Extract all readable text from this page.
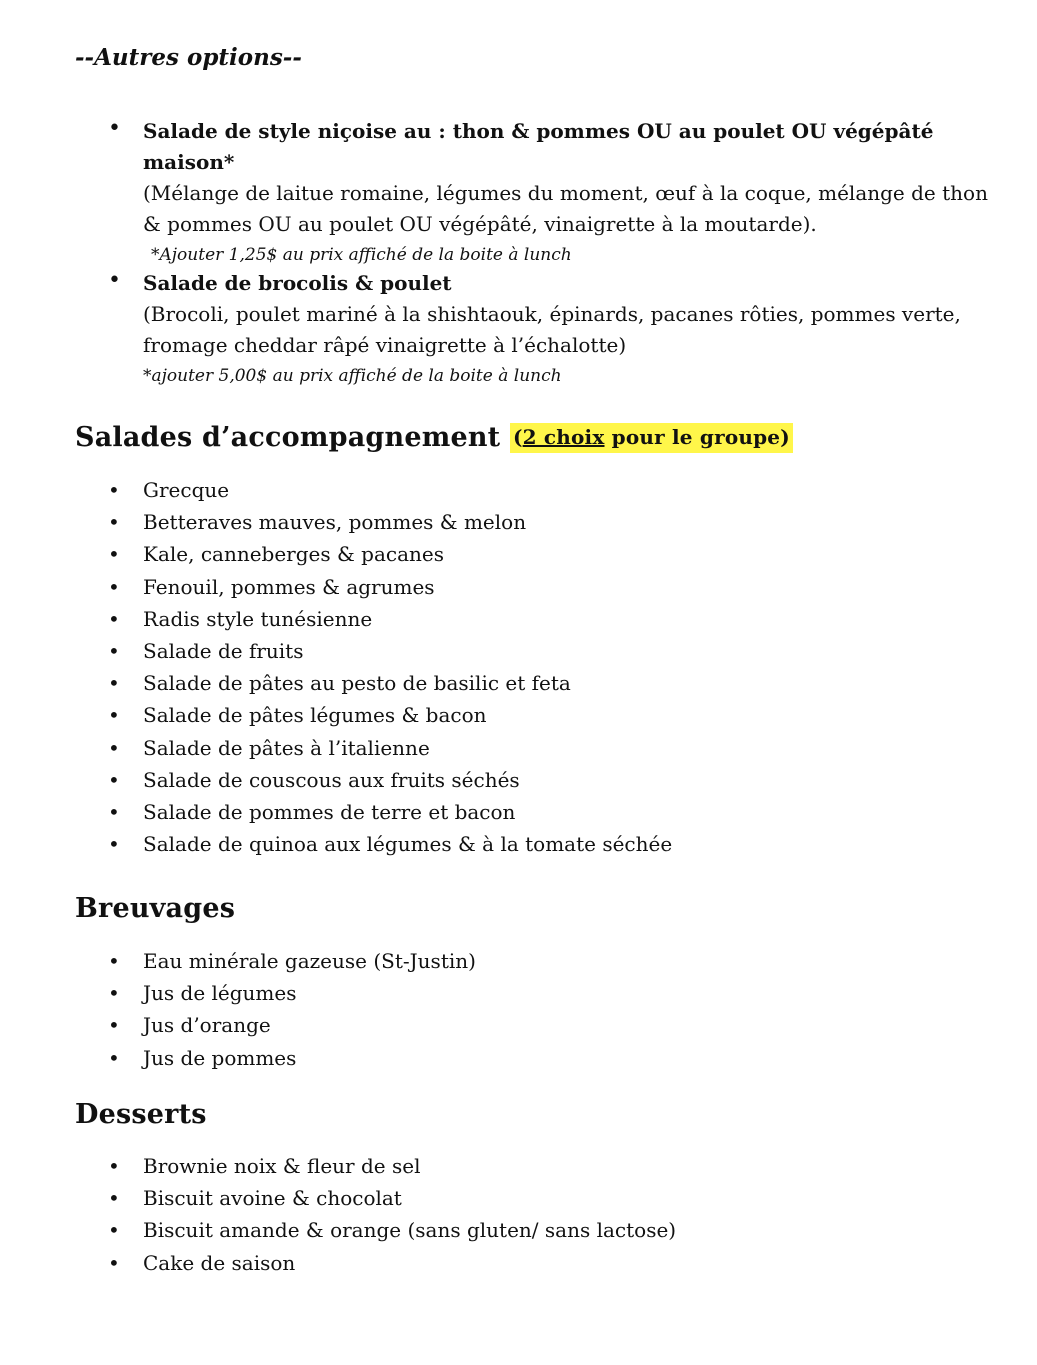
--Autres options--

• Salade de style niçoise au : thon & pommes OU au poulet OU végépâté maison*
(Mélange de laitue romaine, légumes du moment, œuf à la coque, mélange de thon & pommes OU au poulet OU végépâté, vinaigrette à la moutarde).
*Ajouter 1,25$ au prix affiché de la boite à lunch
• Salade de brocolis & poulet
(Brocoli, poulet mariné à la shishtaouk, épinards, pacanes rôties, pommes verte, fromage cheddar râpé vinaigrette à l’échalotte)
*ajouter 5,00$ au prix affiché de la boite à lunch
Salades d’accompagnement (2 choix pour le groupe)
• Grecque
• Betteraves mauves, pommes & melon
• Kale, canneberges & pacanes
• Fenouil, pommes & agrumes
• Radis style tunésienne
• Salade de fruits
• Salade de pâtes au pesto de basilic et feta
• Salade de pâtes légumes & bacon
• Salade de pâtes à l’italienne
• Salade de couscous aux fruits séchés
• Salade de pommes de terre et bacon
• Salade de quinoa aux légumes & à la tomate séchée
Breuvages
• Eau minérale gazeuse (St-Justin)
• Jus de légumes
• Jus d’orange
• Jus de pommes
Desserts
• Brownie noix & fleur de sel
• Biscuit avoine & chocolat
• Biscuit amande & orange (sans gluten/ sans lactose)
• Cake de saison
